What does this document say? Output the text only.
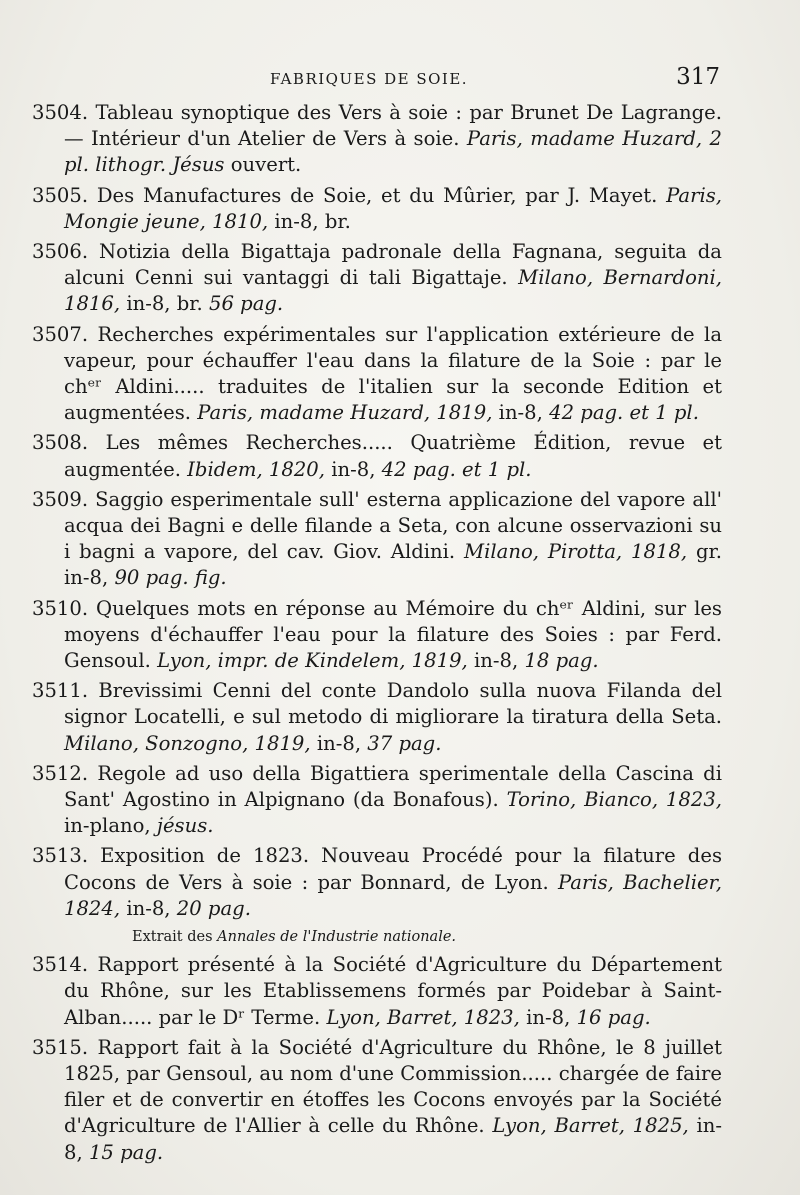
FABRIQUES DE SOIE.	317

3504. Tableau synoptique des Vers à soie : par Brunet De Lagrange. — Intérieur d'un Atelier de Vers à soie. Paris, madame Huzard, 2 pl. lithogr. Jésus ouvert.

3505. Des Manufactures de Soie, et du Mûrier, par J. Mayet. Paris, Mongie jeune, 1810, in-8, br.

3506. Notizia della Bigattaja padronale della Fagnana, seguita da alcuni Cenni sui vantaggi di tali Bigattaje. Milano, Bernardoni, 1816, in-8, br. 56 pag.

3507. Recherches expérimentales sur l'application extérieure de la vapeur, pour échauffer l'eau dans la filature de la Soie : par le chᵉʳ Aldini..... traduites de l'italien sur la seconde Edition et augmentées. Paris, madame Huzard, 1819, in-8, 42 pag. et 1 pl.

3508. Les mêmes Recherches..... Quatrième Édition, revue et augmentée. Ibidem, 1820, in-8, 42 pag. et 1 pl.

3509. Saggio esperimentale sull' esterna applicazione del vapore all' acqua dei Bagni e delle filande a Seta, con alcune osservazioni su i bagni a vapore, del cav. Giov. Aldini. Milano, Pirotta, 1818, gr. in-8, 90 pag. fig.

3510. Quelques mots en réponse au Mémoire du chᵉʳ Aldini, sur les moyens d'échauffer l'eau pour la filature des Soies : par Ferd. Gensoul. Lyon, impr. de Kindelem, 1819, in-8, 18 pag.

3511. Brevissimi Cenni del conte Dandolo sulla nuova Filanda del signor Locatelli, e sul metodo di migliorare la tiratura della Seta. Milano, Sonzogno, 1819, in-8, 37 pag.

3512. Regole ad uso della Bigattiera sperimentale della Cascina di Sant' Agostino in Alpignano (da Bonafous). Torino, Bianco, 1823, in-plano, jésus.

3513. Exposition de 1823. Nouveau Procédé pour la filature des Cocons de Vers à soie : par Bonnard, de Lyon. Paris, Bachelier, 1824, in-8, 20 pag.

Extrait des Annales de l'Industrie nationale.

3514. Rapport présenté à la Société d'Agriculture du Département du Rhône, sur les Etablissemens formés par Poidebar à Saint-Alban..... par le Dʳ Terme. Lyon, Barret, 1823, in-8, 16 pag.

3515. Rapport fait à la Société d'Agriculture du Rhône, le 8 juillet 1825, par Gensoul, au nom d'une Commission..... chargée de faire filer et de convertir en étoffes les Cocons envoyés par la Société d'Agriculture de l'Allier à celle du Rhône. Lyon, Barret, 1825, in-8, 15 pag.
